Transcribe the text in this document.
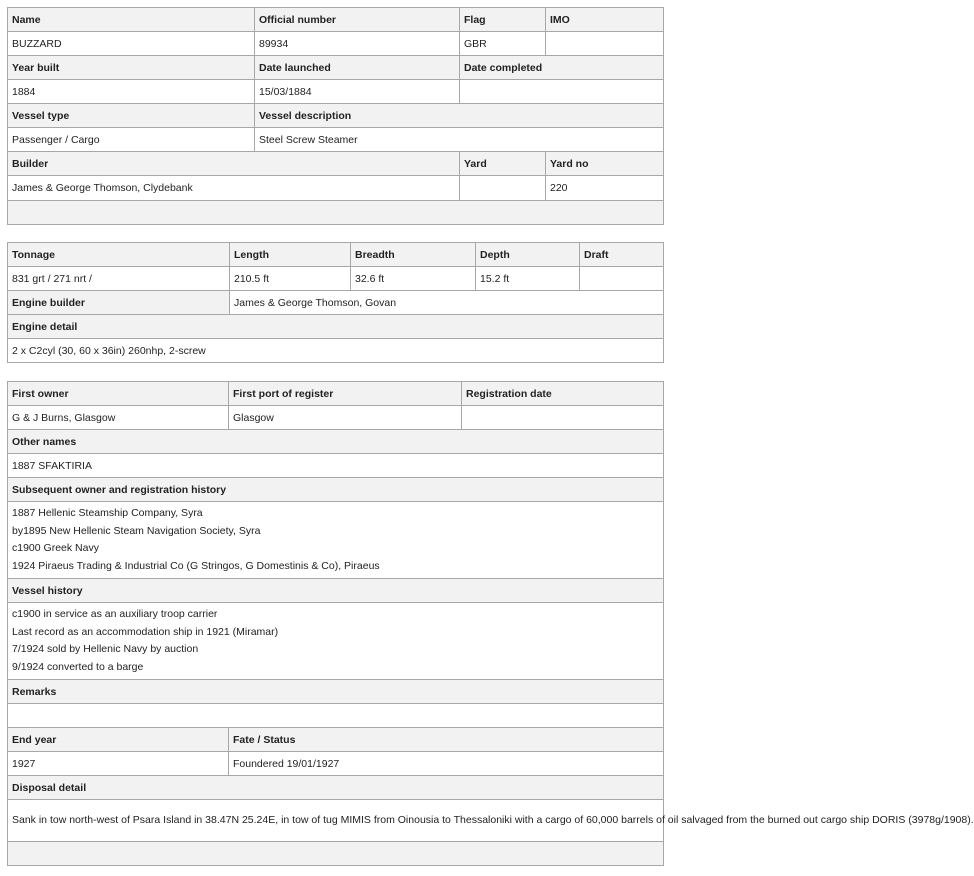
Name	Official number	Flag	IMO
BUZZARD	89934	GBR	
Year built	Date launched	Date completed	
1884	15/03/1884		
Vessel type	Vessel description		
Passenger / Cargo	Steel Screw Steamer		
Builder		Yard	Yard no
James & George Thomson, Clydebank			220

Tonnage	Length	Breadth	Depth	Draft
831 grt / 271 nrt /	210.5 ft	32.6 ft	15.2 ft	
Engine builder	James & George Thomson, Govan			
Engine detail				
2 x C2cyl (30, 60 x 36in) 260nhp, 2-screw				
First owner	First port of register	Registration date
G & J Burns, Glasgow	Glasgow	
Other names		
1887 SFAKTIRIA		
Subsequent owner and registration history		

1887 Hellenic Steamship Company, Syra
by1895 New Hellenic Steam Navigation Society, Syra
c1900 Greek Navy
1924 Piraeus Trading & Industrial Co (G Stringos, G Domestinis & Co), Piraeus		

Vessel history		

c1900 in service as an auxiliary troop carrier
Last record as an accommodation ship in 1921 (Miramar)
7/1924 sold by Hellenic Navy by auction
9/1924 converted to a barge		

Remarks		

End year	Fate / Status	
1927	Foundered 19/01/1927	
Disposal detail		
Sank in tow north-west of Psara Island in 38.47N 25.24E, in tow of tug MIMIS from Oinousia to Thessaloniki with a cargo of 60,000 barrels of oil salvaged from the burned out cargo ship DORIS (3978g/1908).		
